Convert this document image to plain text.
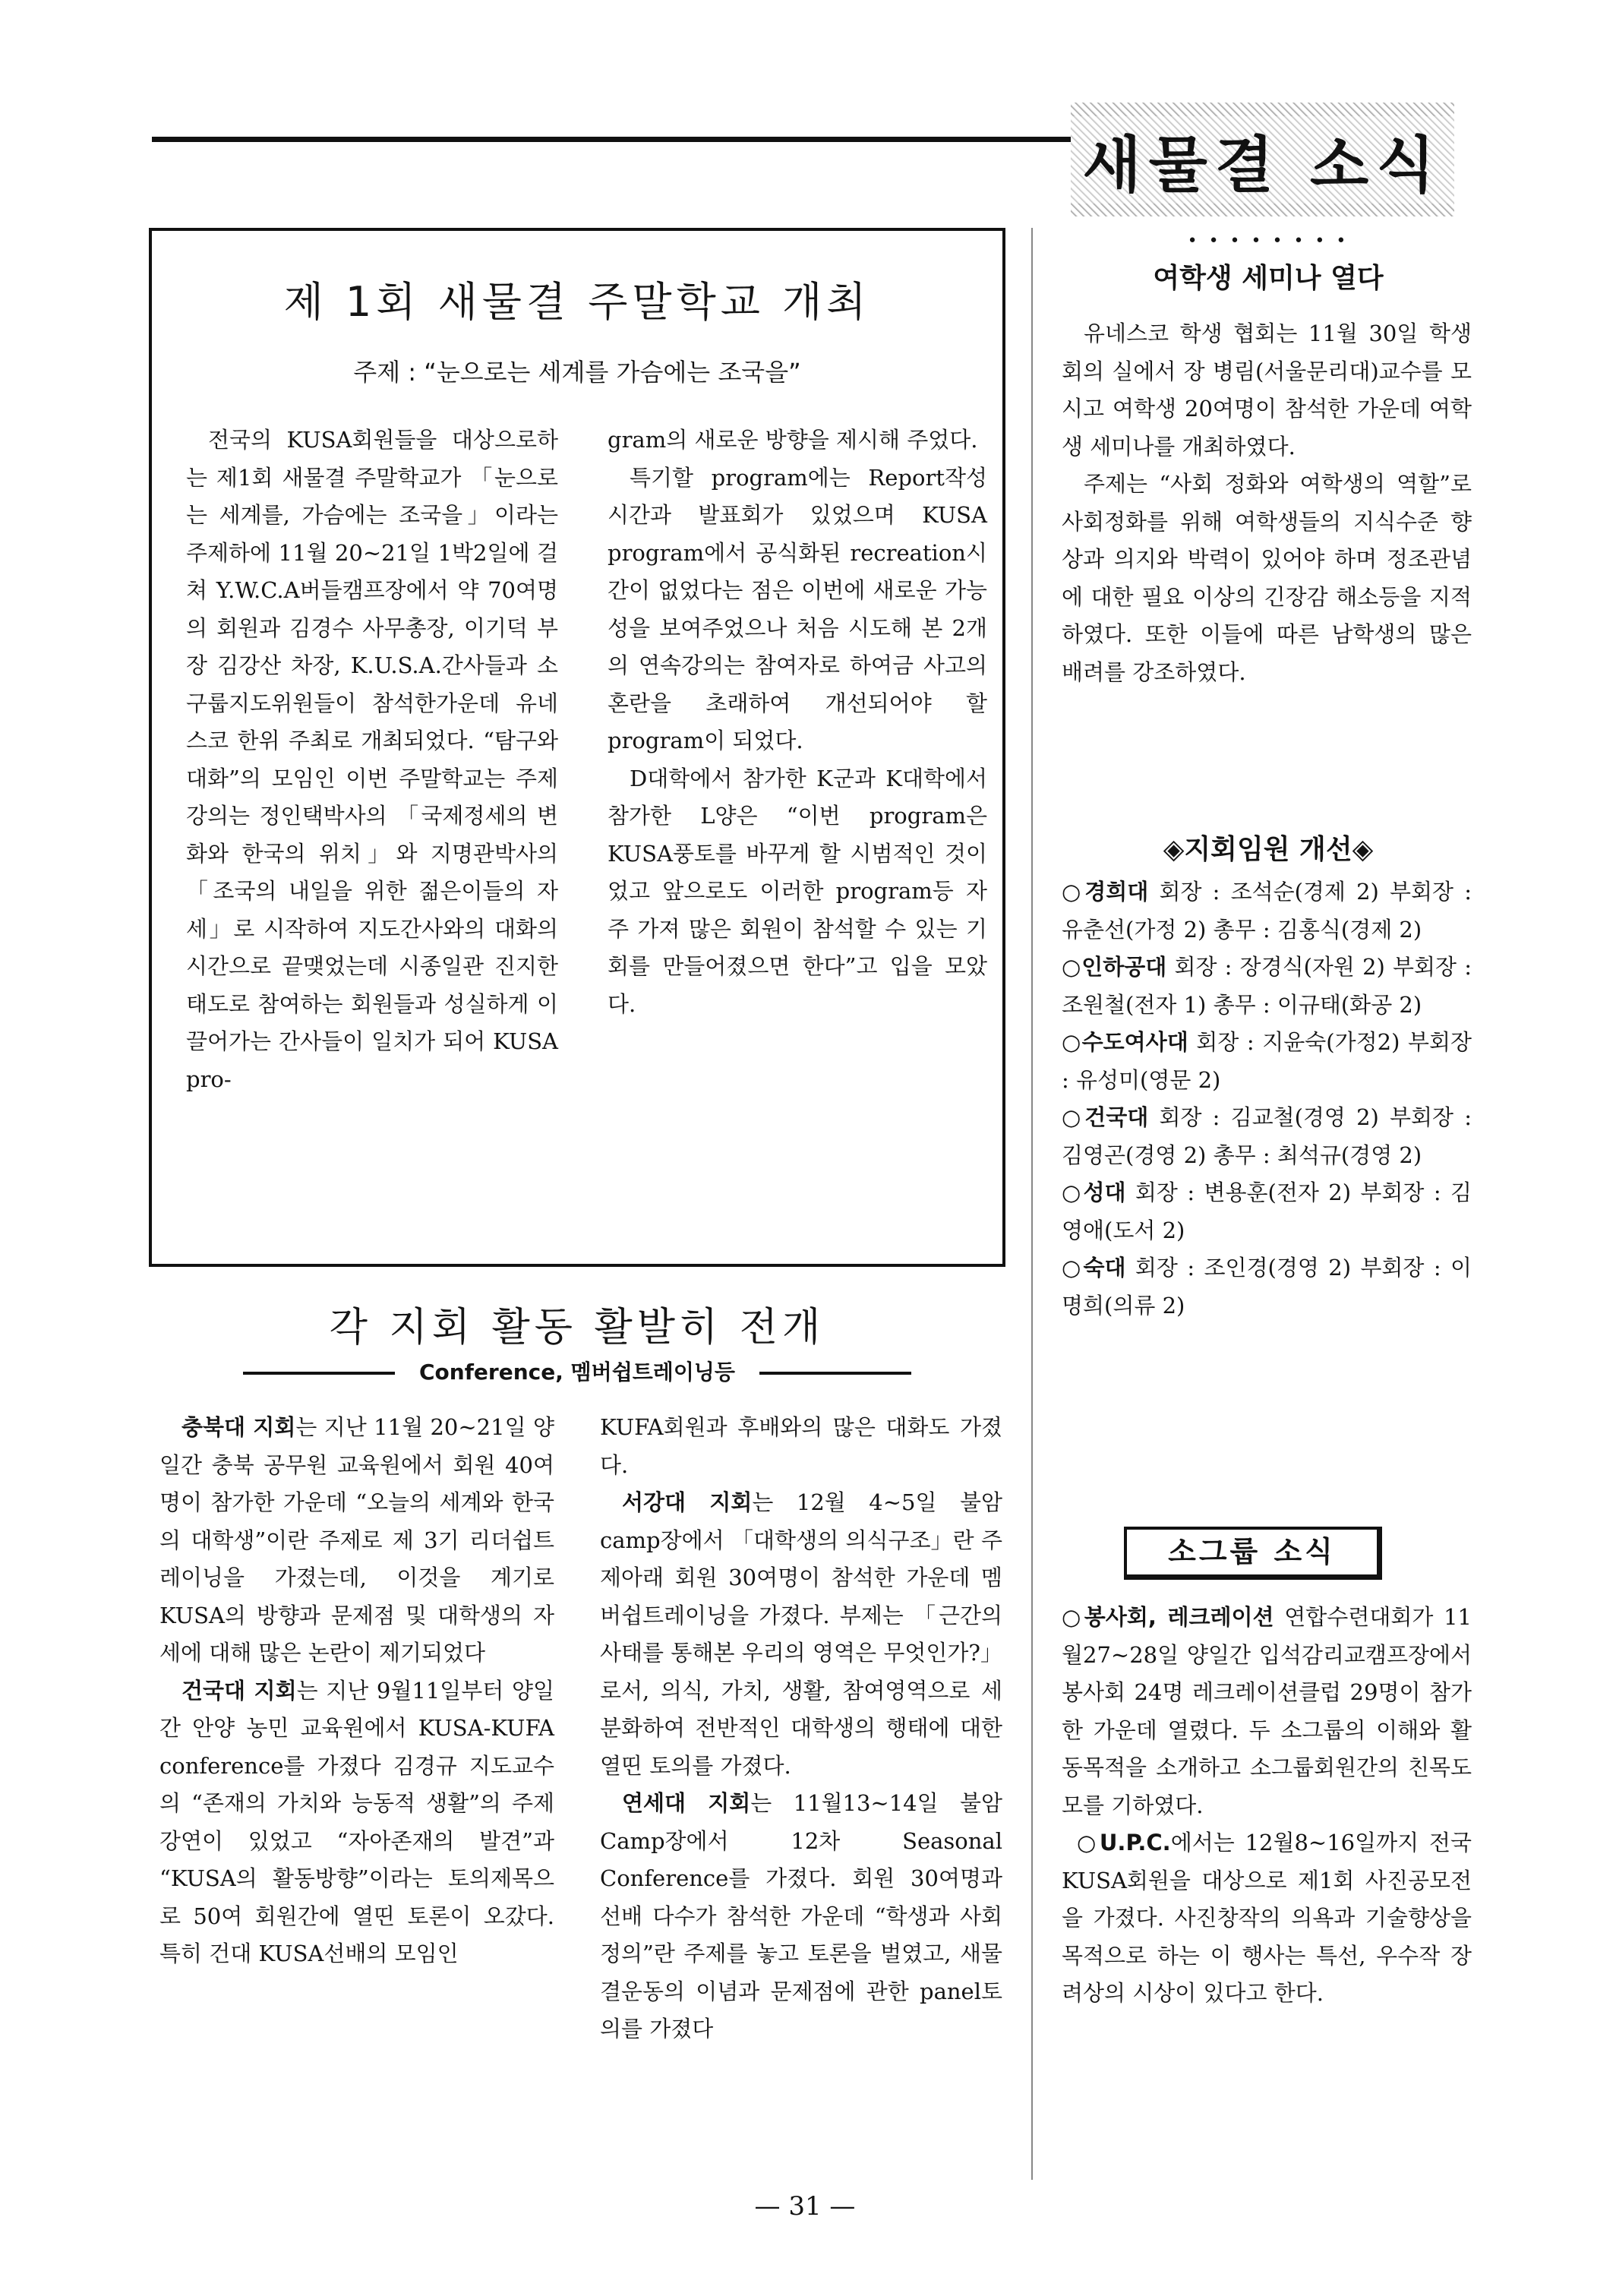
새물결 소식
제 1회 새물결 주말학교 개최
주제 : “눈으로는 세계를 가슴에는 조국을”

전국의 KUSA회원들을 대상으로하는 제1회 새물결 주말학교가 「눈으로는 세계를, 가슴에는 조국을」이라는 주제하에 11월 20~21일 1박2일에 걸쳐 Y.W.C.A버들캠프장에서 약 70여명의 회원과 김경수 사무총장, 이기덕 부장 김강산 차장, K.U.S.A.간사들과 소구룹지도위원들이 참석한가운데 유네스코 한위 주최로 개최되었다. “탐구와 대화”의 모임인 이번 주말학교는 주제강의는 정인택박사의 「국제정세의 변화와 한국의 위치」와 지명관박사의 「조국의 내일을 위한 젊은이들의 자세」로 시작하여 지도간사와의 대화의 시간으로 끝맺었는데 시종일관 진지한 태도로 참여하는 회원들과 성실하게 이끌어가는 간사들이 일치가 되어 KUSA pro-

gram의 새로운 방향을 제시해 주었다.

특기할 program에는 Report작성 시간과 발표회가 있었으며 KUSA program에서 공식화된 recreation시간이 없었다는 점은 이번에 새로운 가능성을 보여주었으나 처음 시도해 본 2개의 연속강의는 참여자로 하여금 사고의 혼란을 초래하여 개선되어야 할 program이 되었다.

D대학에서 참가한 K군과 K대학에서 참가한 L양은 “이번 program은 KUSA풍토를 바꾸게 할 시범적인 것이었고 앞으로도 이러한 program등 자주 가져 많은 회원이 참석할 수 있는 기회를 만들어졌으면 한다”고 입을 모았다.

각 지회 활동 활발히 전개
Conference, 멤버쉽트레이닝등

충북대 지회는 지난 11월 20~21일 양일간 충북 공무원 교육원에서 회원 40여명이 참가한 가운데 “오늘의 세계와 한국의 대학생”이란 주제로 제 3기 리더쉽트레이닝을 가졌는데, 이것을 계기로 KUSA의 방향과 문제점 및 대학생의 자세에 대해 많은 논란이 제기되었다

건국대 지회는 지난 9월11일부터 양일간 안양 농민 교육원에서 KUSA-KUFA conference를 가졌다 김경규 지도교수의 “존재의 가치와 능동적 생활”의 주제강연이 있었고 “자아존재의 발견”과 “KUSA의 활동방향”이라는 토의제목으로 50여 회원간에 열띤 토론이 오갔다. 특히 건대 KUSA선배의 모임인

KUFA회원과 후배와의 많은 대화도 가졌다.

서강대 지회는 12월 4~5일 불암 camp장에서 「대학생의 의식구조」란 주제아래 회원 30여명이 참석한 가운데 멤버쉽트레이닝을 가졌다. 부제는 「근간의 사태를 통해본 우리의 영역은 무엇인가?」로서, 의식, 가치, 생활, 참여영역으로 세분화하여 전반적인 대학생의 행태에 대한 열띤 토의를 가졌다.

연세대 지회는 11월13~14일 불암 Camp장에서 12차 Seasonal Conference를 가졌다. 회원 30여명과 선배 다수가 참석한 가운데 “학생과 사회정의”란 주제를 놓고 토론을 벌였고, 새물결운동의 이념과 문제점에 관한 panel토의를 가졌다

• • • • • • • •
여학생 세미나 열다

유네스코 학생 협회는 11월 30일 학생회의 실에서 장 병림(서울문리대)교수를 모시고 여학생 20여명이 참석한 가운데 여학생 세미나를 개최하였다.

주제는 “사회 정화와 여학생의 역할”로 사회정화를 위해 여학생들의 지식수준 향상과 의지와 박력이 있어야 하며 정조관념에 대한 필요 이상의 긴장감 해소등을 지적하였다. 또한 이들에 따른 남학생의 많은 배려를 강조하였다.

◈지회임원 개선◈

○경희대 회장 : 조석순(경제 2) 부회장 : 유춘선(가정 2) 총무 : 김홍식(경제 2)

○인하공대 회장 : 장경식(자원 2) 부회장 : 조원철(전자 1) 총무 : 이규태(화공 2)

○수도여사대 회장 : 지윤숙(가정2) 부회장 : 유성미(영문 2)

○건국대 회장 : 김교철(경영 2) 부회장 : 김영곤(경영 2) 총무 : 최석규(경영 2)

○성대 회장 : 변용훈(전자 2) 부회장 : 김영애(도서 2)

○숙대 회장 : 조인경(경영 2) 부회장 : 이명희(의류 2)

소그룹 소식

○봉사회, 레크레이션 연합수련대회가 11월27~28일 양일간 입석감리교캠프장에서 봉사회 24명 레크레이션클럽 29명이 참가한 가운데 열렸다. 두 소그룹의 이해와 활동목적을 소개하고 소그룹회원간의 친목도모를 기하였다.

○U.P.C.에서는 12월8~16일까지 전국 KUSA회원을 대상으로 제1회 사진공모전을 가졌다. 사진창작의 의욕과 기술향상을 목적으로 하는 이 행사는 특선, 우수작 장려상의 시상이 있다고 한다.

— 31 —
